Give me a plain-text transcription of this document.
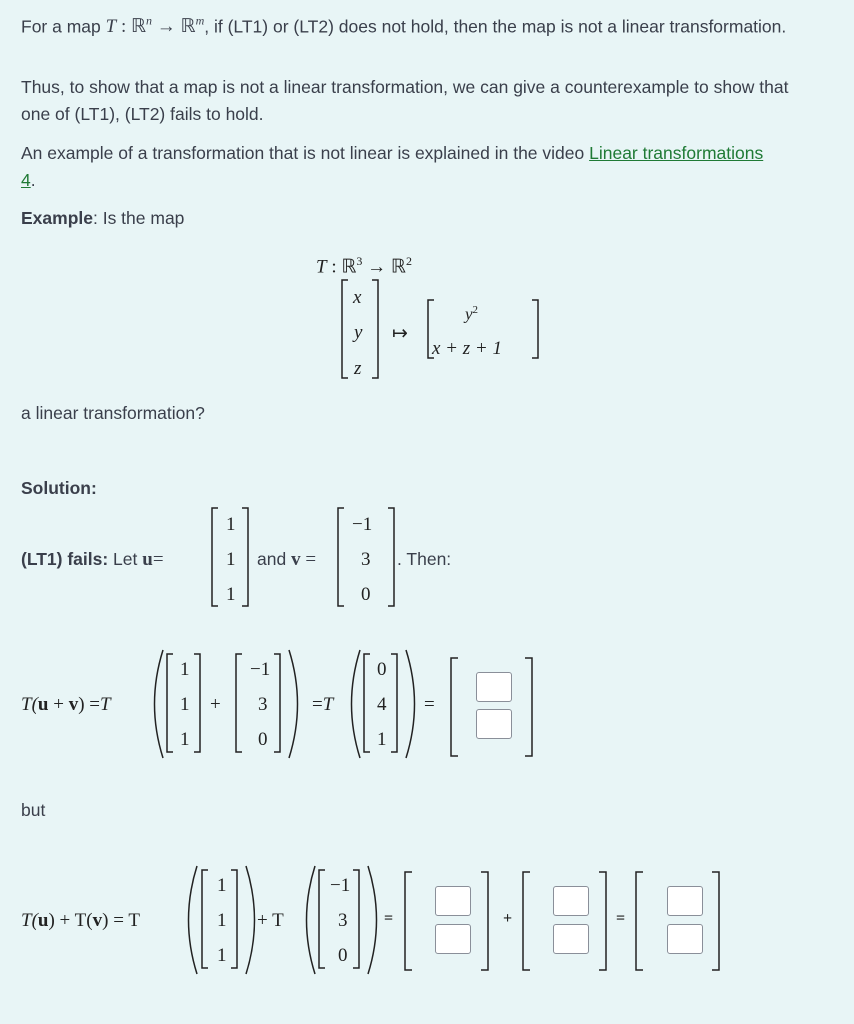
For a map T : ℝ$^n$ → ℝ$^m$, if (LT1) or (LT2) does not hold, then the map is not a linear transformation.
Thus, to show that a map is not a linear transformation, we can give a counterexample to show that one of (LT1), (LT2) fails to hold.
An example of a transformation that is not linear is explained in the video Linear transformations 4.
Example: Is the map
T : ℝ$^3$ → ℝ$^2$
x
y
z
↦
$y^2$
x + z + 1
a linear transformation?
Solution:
(LT1) fails: Let u=
1
1
1
and v =
−1
3
0
. Then:
T(u + v) =T
1
1
1
+
−1
3
0
=T
0
4
1
=
but
T(u) + T(v) = T
1
1
1
+ T
−1
3
0
=	+	=
